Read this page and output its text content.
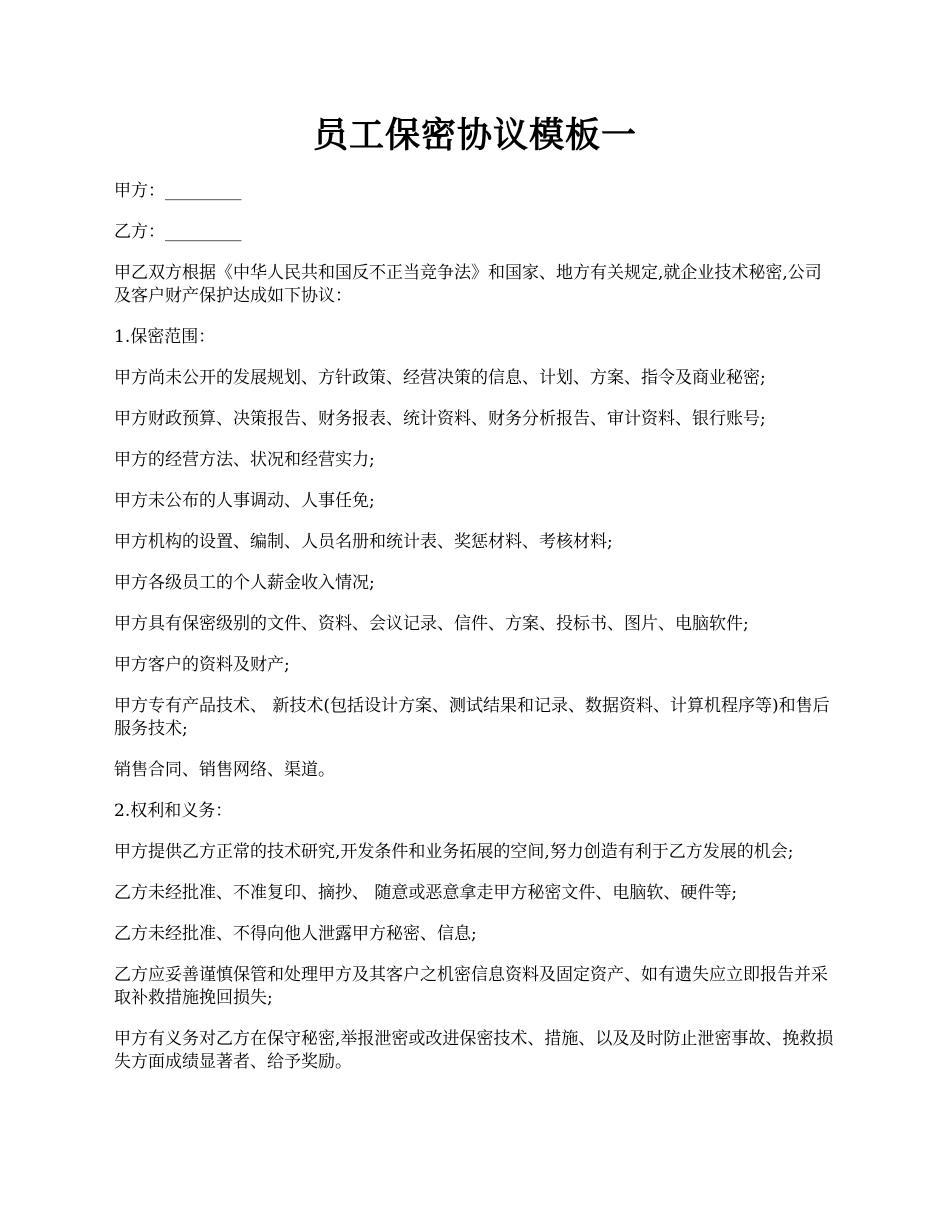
员工保密协议模板一

甲方：_________

乙方：_________

甲乙双方根据《中华人民共和国反不正当竞争法》和国家、地方有关规定,就企业技术秘密,公司及客户财产保护达成如下协议：

1.保密范围：

甲方尚未公开的发展规划、方针政策、经营决策的信息、计划、方案、指令及商业秘密;

甲方财政预算、决策报告、财务报表、统计资料、财务分析报告、审计资料、银行账号;

甲方的经营方法、状况和经营实力;

甲方未公布的人事调动、人事任免;

甲方机构的设置、编制、人员名册和统计表、奖惩材料、考核材料;

甲方各级员工的个人薪金收入情况;

甲方具有保密级别的文件、资料、会议记录、信件、方案、投标书、图片、电脑软件;

甲方客户的资料及财产;

甲方专有产品技术、 新技术(包括设计方案、测试结果和记录、数据资料、计算机程序等)和售后服务技术;

销售合同、销售网络、渠道。

2.权利和义务：

甲方提供乙方正常的技术研究,开发条件和业务拓展的空间,努力创造有利于乙方发展的机会;

乙方未经批准、不准复印、摘抄、 随意或恶意拿走甲方秘密文件、电脑软、硬件等;

乙方未经批准、不得向他人泄露甲方秘密、信息;

乙方应妥善谨慎保管和处理甲方及其客户之机密信息资料及固定资产、如有遗失应立即报告并采取补救措施挽回损失;

甲方有义务对乙方在保守秘密,举报泄密或改进保密技术、措施、以及及时防止泄密事故、挽救损失方面成绩显著者、给予奖励。
